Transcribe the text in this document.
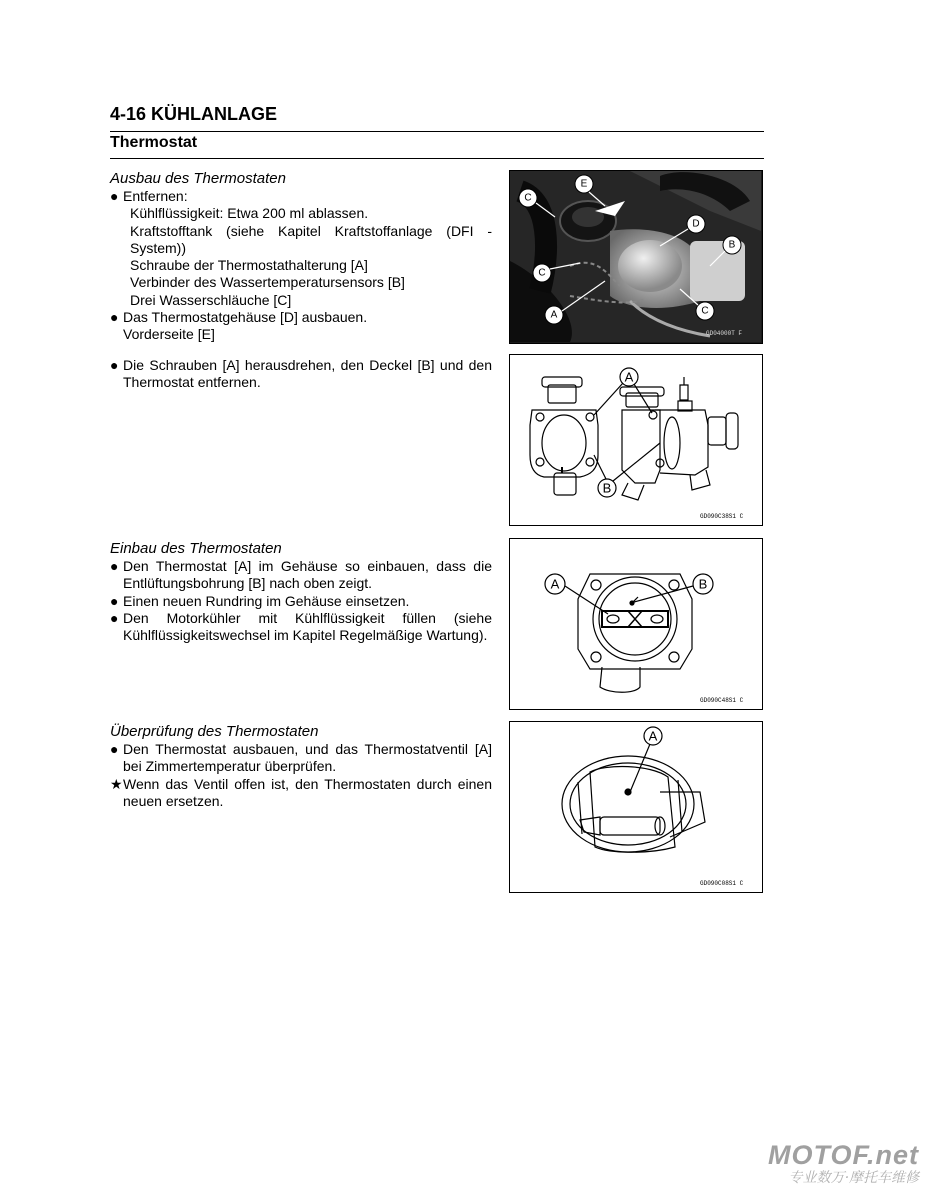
4-16 KÜHLANLAGE
Thermostat
Ausbau des Thermostaten
● Entfernen:
Kühlflüssigkeit: Etwa 200 ml ablassen.
Kraftstofftank (siehe Kapitel Kraftstoffanlage (DFI -System))
Schraube der Thermostathalterung [A]
Verbinder des Wassertemperatursensors [B]
Drei Wasserschläuche [C]
● Das Thermostatgehäuse [D] ausbauen.
Vorderseite [E]
● Die Schrauben [A] herausdrehen, den Deckel [B] und den Thermostat entfernen.
Einbau des Thermostaten
● Den Thermostat [A] im Gehäuse so einbauen, dass die Entlüftungsbohrung [B] nach oben zeigt.
● Einen neuen Rundring im Gehäuse einsetzen.
● Den Motorkühler mit Kühlflüssigkeit füllen (siehe Kühlflüssigkeitswechsel im Kapitel Regelmäßige Wartung).
Überprüfung des Thermostaten
● Den Thermostat ausbauen, und das Thermostatventil [A] bei Zimmertemperatur überprüfen.
★ Wenn das Ventil offen ist, den Thermostaten durch einen neuen ersetzen.
C
E
D
B
C
A	C
GD04000T F
A
B
GD090C38S1 C
A	B
GD090C48S1 C
A
GD090C08S1 C
MOTOF.net
专业数万·摩托车维修
